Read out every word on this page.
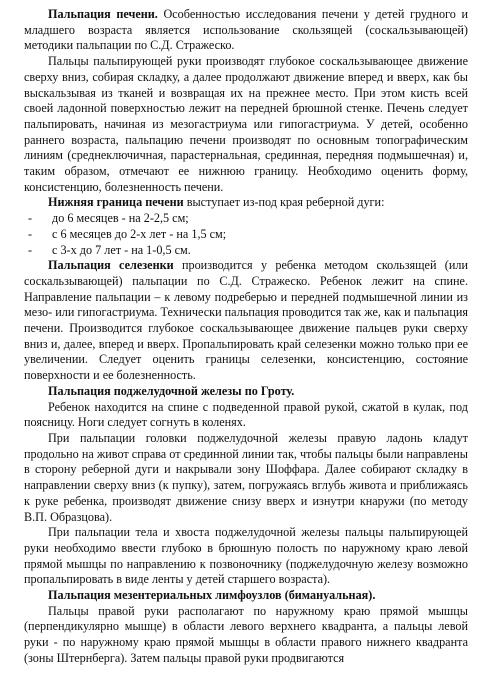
Пальпация печени. Особенностью исследования печени у детей грудного и младшего возраста является использование скользящей (соскальзывающей) методики пальпации по С.Д. Стражеско.

Пальцы пальпирующей руки производят глубокое соскальзывающее движение сверху вниз, собирая складку, а далее продолжают движение вперед и вверх, как бы выскальзывая из тканей и возвращая их на прежнее место. При этом кисть всей своей ладонной поверхностью лежит на передней брюшной стенке. Печень следует пальпировать, начиная из мезогастриума или гипогастриума. У детей, особенно раннего возраста, пальпацию печени производят по основным топографическим линиям (среднеключичная, парастернальная, срединная, передняя подмышечная) и, таким образом, отмечают ее нижнюю границу. Необходимо оценить форму, консистенцию, болезненность печени.

Нижняя граница печени выступает из-под края реберной дуги:

- до 6 месяцев - на 2-2,5 см;
- с 6 месяцев до 2-х лет - на 1,5 см;
- с 3-х до 7 лет - на 1-0,5 см.

Пальпация селезенки производится у ребенка методом скользящей (или соскальзывающей) пальпации по С.Д. Стражеско. Ребенок лежит на спине. Направление пальпации – к левому подреберью и передней подмышечной линии из мезо- или гипогастриума. Технически пальпация проводится так же, как и пальпация печени. Производится глубокое соскальзывающее движение пальцев руки сверху вниз и, далее, вперед и вверх. Пропальпировать край селезенки можно только при ее увеличении. Следует оценить границы селезенки, консистенцию, состояние поверхности и ее болезненность.

Пальпация поджелудочной железы по Гроту.

Ребенок находится на спине с подведенной правой рукой, сжатой в кулак, под поясницу. Ноги следует согнуть в коленях.

При пальпации головки поджелудочной железы правую ладонь кладут продольно на живот справа от срединной линии так, чтобы пальцы были направлены в сторону реберной дуги и накрывали зону Шоффара. Далее собирают складку в направлении сверху вниз (к пупку), затем, погружаясь вглубь живота и приближаясь к руке ребенка, производят движение снизу вверх и изнутри кнаружи (по методу В.П. Образцова).

При пальпации тела и хвоста поджелудочной железы пальцы пальпирующей руки необходимо ввести глубоко в брюшную полость по наружному краю левой прямой мышцы по направлению к позвоночнику (поджелудочную железу возможно пропальпировать в виде ленты у детей старшего возраста).

Пальпация мезентериальных лимфоузлов (бимануальная).

Пальцы правой руки располагают по наружному краю прямой мышцы (перпендикулярно мышце) в области левого верхнего квадранта, а пальцы левой руки - по наружному краю прямой мышцы в области правого нижнего квадранта (зоны Штернберга). Затем пальцы правой руки продвигаются
